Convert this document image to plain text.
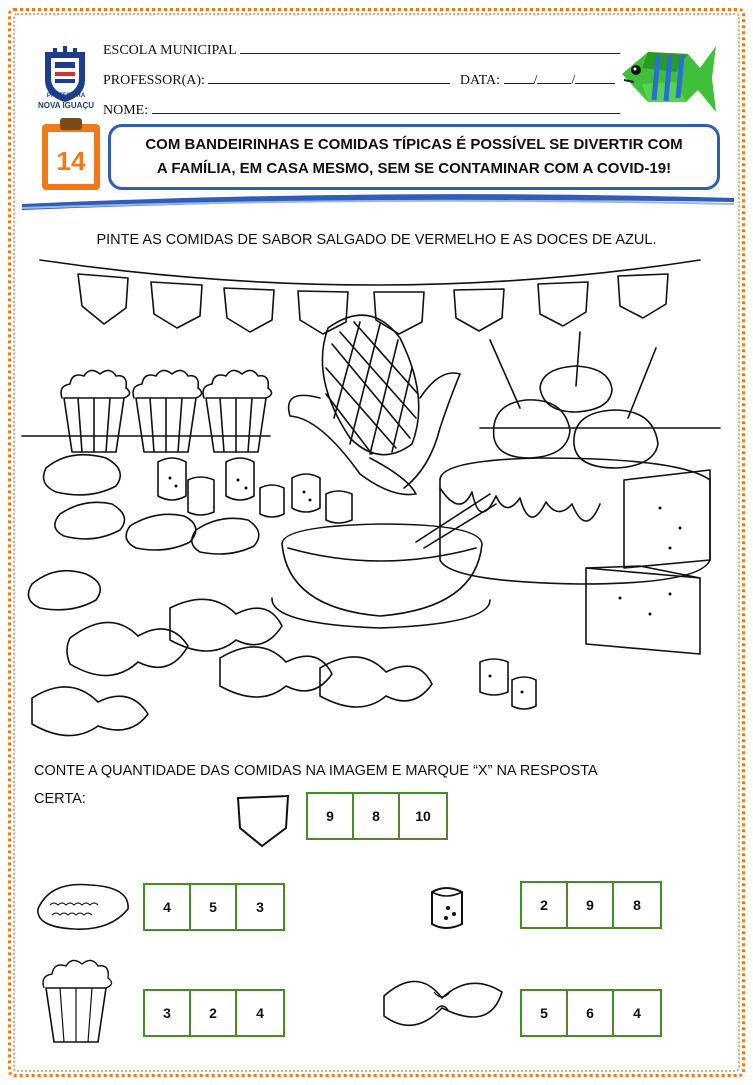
PREFEITURA
NOVA IGUAÇU
ESCOLA MUNICIPAL
PROFESSOR(A):	DATA: / /
NOME:
14
COM BANDEIRINHAS E COMIDAS TÍPICAS É POSSÍVEL SE DIVERTIR COM
A FAMÍLIA, EM CASA MESMO, SEM SE CONTAMINAR COM A COVID-19!
PINTE AS COMIDAS DE SABOR SALGADO DE VERMELHO E AS DOCES DE AZUL.
CONTE A QUANTIDADE DAS COMIDAS NA IMAGEM E MARQUE “X” NA RESPOSTA
CERTA:
9	8	10
4	5	3	2	9	8
3	2	4	5	6	4
